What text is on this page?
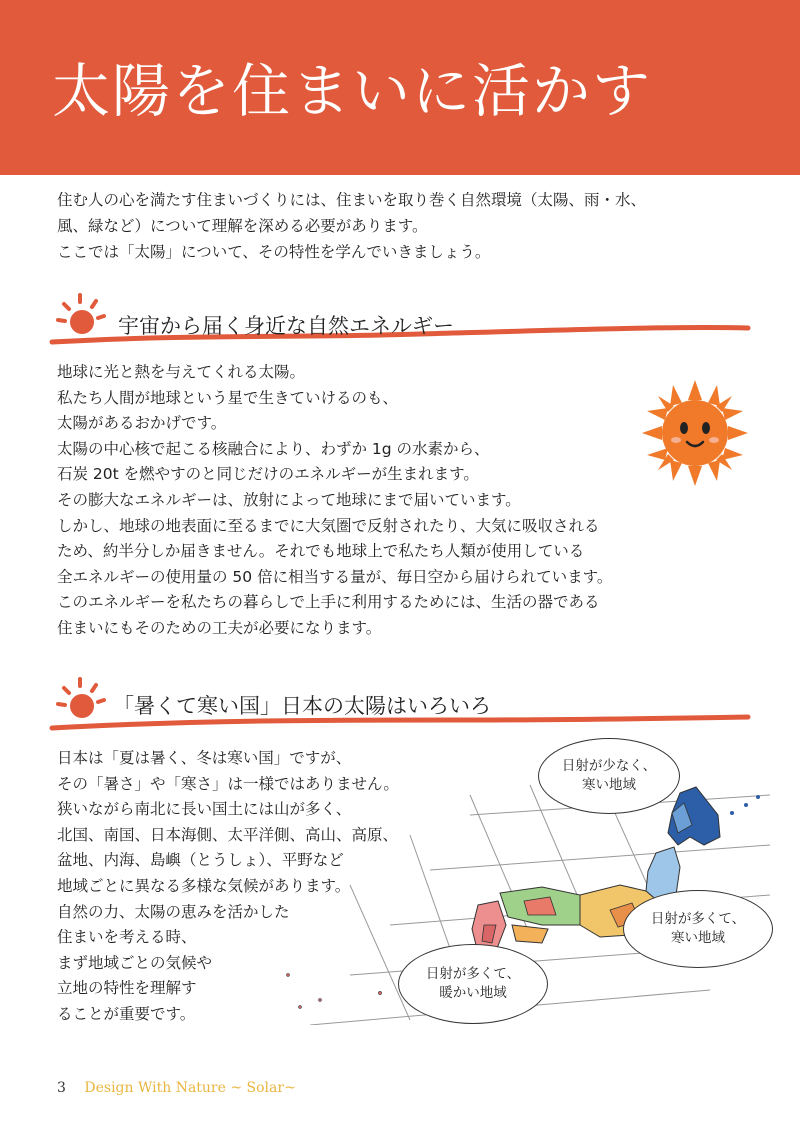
太陽を住まいに活かす

住む人の心を満たす住まいづくりには、住まいを取り巻く自然環境（太陽、雨・水、

風、緑など）について理解を深める必要があります。

ここでは「太陽」について、その特性を学んでいきましょう。

宇宙から届く身近な自然エネルギー

地球に光と熱を与えてくれる太陽。

私たち人間が地球という星で生きていけるのも、

太陽があるおかげです。

太陽の中心核で起こる核融合により、わずか 1g の水素から、

石炭 20t を燃やすのと同じだけのエネルギーが生まれます。

その膨大なエネルギーは、放射によって地球にまで届いています。

しかし、地球の地表面に至るまでに大気圏で反射されたり、大気に吸収される

ため、約半分しか届きません。それでも地球上で私たち人類が使用している

全エネルギーの使用量の 50 倍に相当する量が、毎日空から届けられています。

このエネルギーを私たちの暮らしで上手に利用するためには、生活の器である

住まいにもそのための工夫が必要になります。

「暑くて寒い国」日本の太陽はいろいろ

日本は「夏は暑く、冬は寒い国」ですが、

その「暑さ」や「寒さ」は一様ではありません。

狭いながら南北に長い国土には山が多く、

北国、南国、日本海側、太平洋側、高山、高原、

盆地、内海、島嶼（とうしょ）、平野など

地域ごとに異なる多様な気候があります。

自然の力、太陽の恵みを活かした

住まいを考える時、

まず地域ごとの気候や

立地の特性を理解す

ることが重要です。

日射が少なく、
寒い地域
日射が多くて、
寒い地域
日射が多くて、
暖かい地域
3 Design With Nature ~ Solar~
